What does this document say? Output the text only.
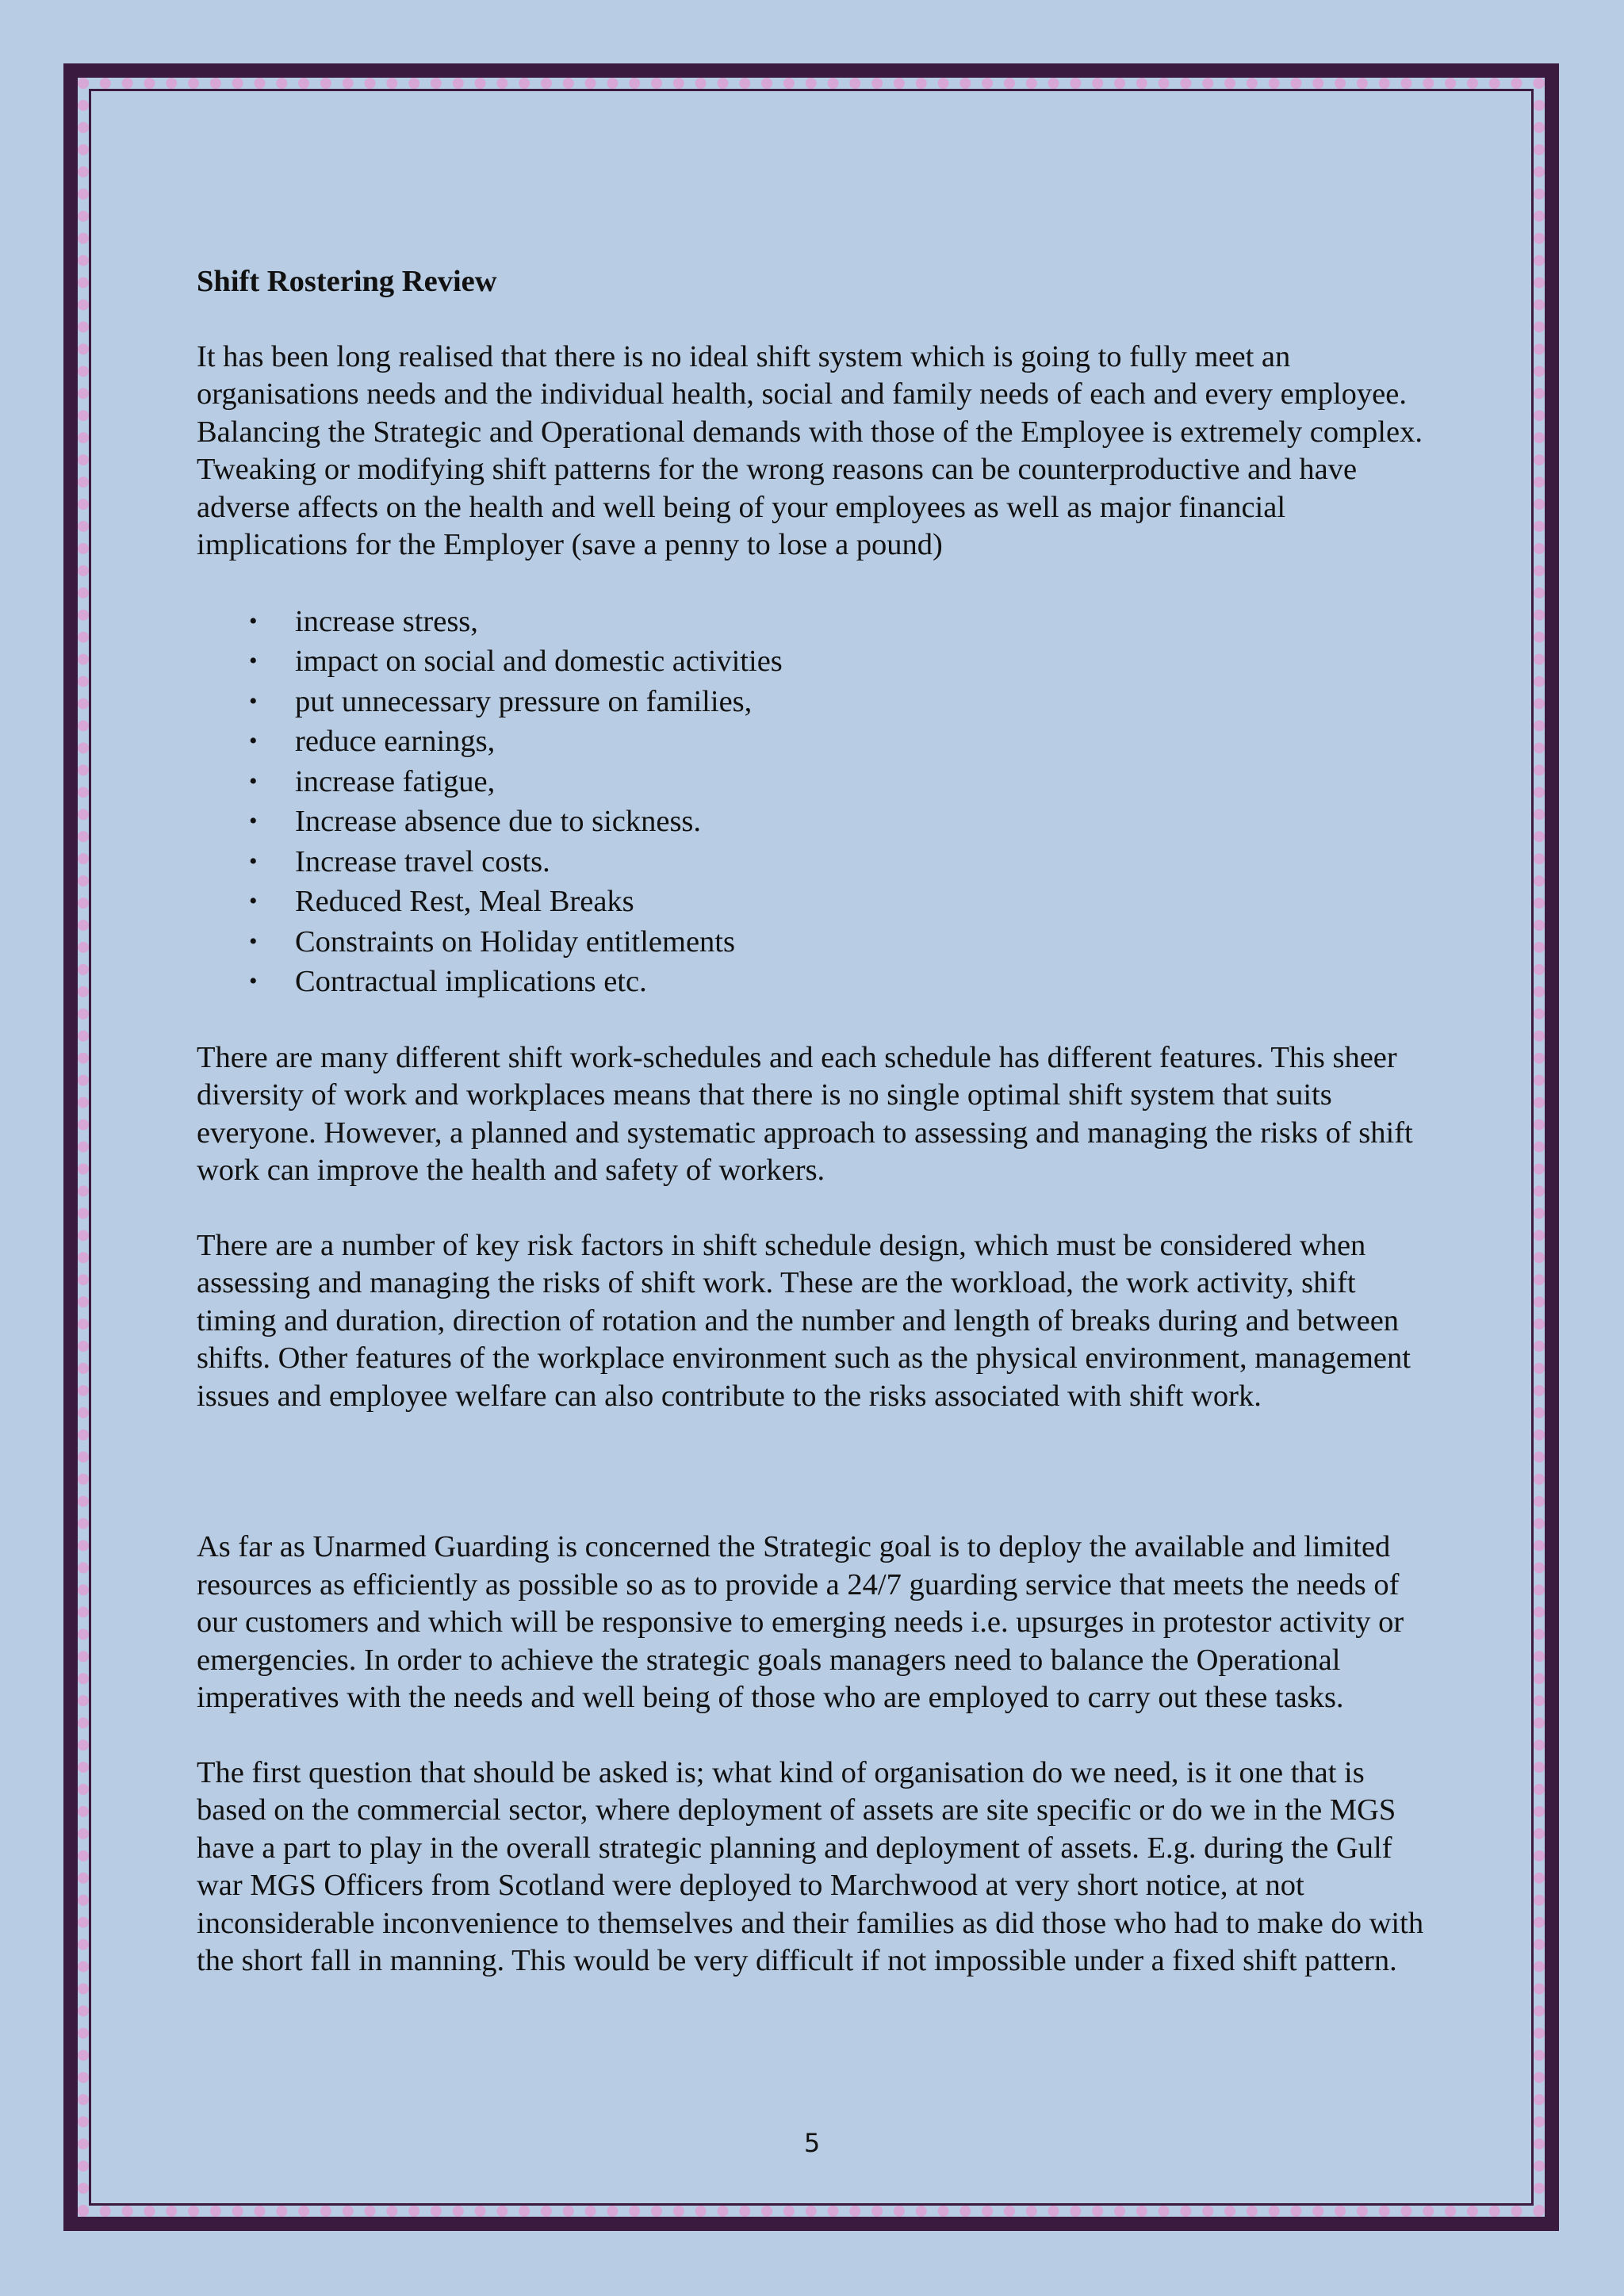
Shift Rostering Review

It has been long realised that there is no ideal shift system which is going to fully meet an organisations needs and the individual health, social and family needs of each and every employee. Balancing the Strategic and Operational demands with those of the Employee is extremely complex. Tweaking or modifying shift patterns for the wrong reasons can be counterproductive and have adverse affects on the health and well being of your employees as well as major financial implications for the Employer (save a penny to lose a pound)

• increase stress,
• impact on social and domestic activities
• put unnecessary pressure on families,
• reduce earnings,
• increase fatigue,
• Increase absence due to sickness.
• Increase travel costs.
• Reduced Rest, Meal Breaks
• Constraints on Holiday entitlements
• Contractual implications etc.

There are many different shift work-schedules and each schedule has different features. This sheer diversity of work and workplaces means that there is no single optimal shift system that suits everyone. However, a planned and systematic approach to assessing and managing the risks of shift work can improve the health and safety of workers.

There are a number of key risk factors in shift schedule design, which must be considered when assessing and managing the risks of shift work. These are the workload, the work activity, shift timing and duration, direction of rotation and the number and length of breaks during and between shifts. Other features of the workplace environment such as the physical environment, management issues and employee welfare can also contribute to the risks associated with shift work.

As far as Unarmed Guarding is concerned the Strategic goal is to deploy the available and limited resources as efficiently as possible so as to provide a 24/7 guarding service that meets the needs of our customers and which will be responsive to emerging needs i.e. upsurges in protestor activity or emergencies. In order to achieve the strategic goals managers need to balance the Operational imperatives with the needs and well being of those who are employed to carry out these tasks.

The first question that should be asked is; what kind of organisation do we need, is it one that is based on the commercial sector, where deployment of assets are site specific or do we in the MGS have a part to play in the overall strategic planning and deployment of assets. E.g. during the Gulf war MGS Officers from Scotland were deployed to Marchwood at very short notice, at not inconsiderable inconvenience to themselves and their families as did those who had to make do with the short fall in manning. This would be very difficult if not impossible under a fixed shift pattern.

5
